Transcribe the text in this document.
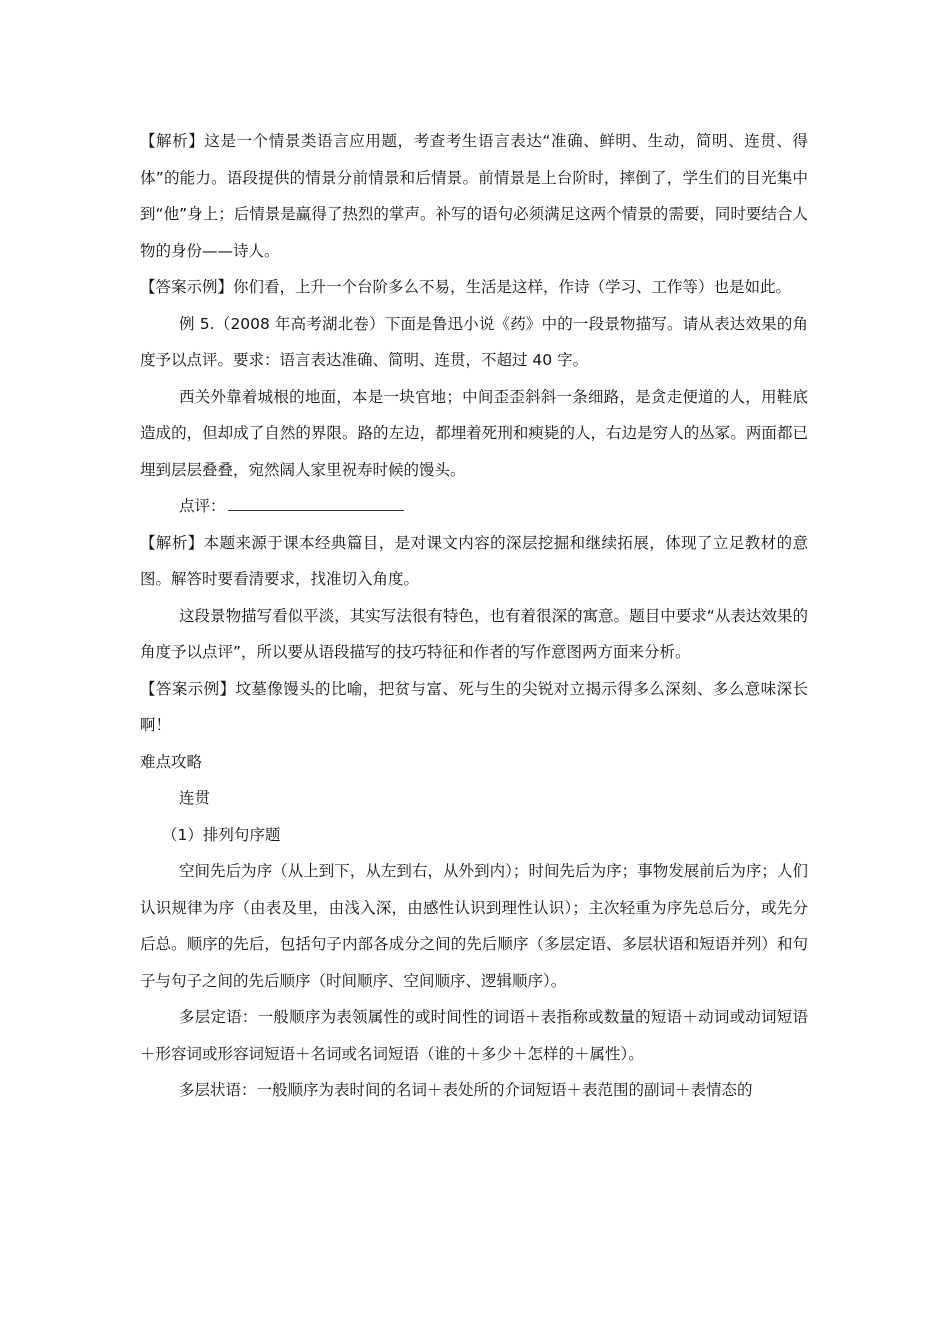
【解析】这是一个情景类语言应用题，考查考生语言表达“准确、鲜明、生动，简明、连贯、得体”的能力。语段提供的情景分前情景和后情景。前情景是上台阶时，摔倒了，学生们的目光集中到“他”身上；后情景是赢得了热烈的掌声。补写的语句必须满足这两个情景的需要，同时要结合人物的身份——诗人。

【答案示例】你们看，上升一个台阶多么不易，生活是这样，作诗（学习、工作等）也是如此。

例 5.（2008 年高考湖北卷）下面是鲁迅小说《药》中的一段景物描写。请从表达效果的角度予以点评。要求：语言表达准确、简明、连贯，不超过 40 字。

西关外靠着城根的地面，本是一块官地；中间歪歪斜斜一条细路，是贪走便道的人，用鞋底造成的，但却成了自然的界限。路的左边，都埋着死刑和瘐毙的人，右边是穷人的丛冢。两面都已埋到层层叠叠，宛然阔人家里祝寿时候的馒头。

点评：

【解析】本题来源于课本经典篇目，是对课文内容的深层挖掘和继续拓展，体现了立足教材的意图。解答时要看清要求，找准切入角度。

这段景物描写看似平淡，其实写法很有特色，也有着很深的寓意。题目中要求“从表达效果的角度予以点评”，所以要从语段描写的技巧特征和作者的写作意图两方面来分析。

【答案示例】坟墓像馒头的比喻，把贫与富、死与生的尖锐对立揭示得多么深刻、多么意味深长啊！

难点攻略

连贯

（1）排列句序题

空间先后为序（从上到下，从左到右，从外到内）；时间先后为序；事物发展前后为序；人们认识规律为序（由表及里，由浅入深，由感性认识到理性认识）；主次轻重为序先总后分，或先分后总。顺序的先后，包括句子内部各成分之间的先后顺序（多层定语、多层状语和短语并列）和句子与句子之间的先后顺序（时间顺序、空间顺序、逻辑顺序）。

多层定语：一般顺序为表领属性的或时间性的词语＋表指称或数量的短语＋动词或动词短语＋形容词或形容词短语＋名词或名词短语（谁的＋多少＋怎样的＋属性）。

多层状语：一般顺序为表时间的名词＋表处所的介词短语＋表范围的副词＋表情态的
